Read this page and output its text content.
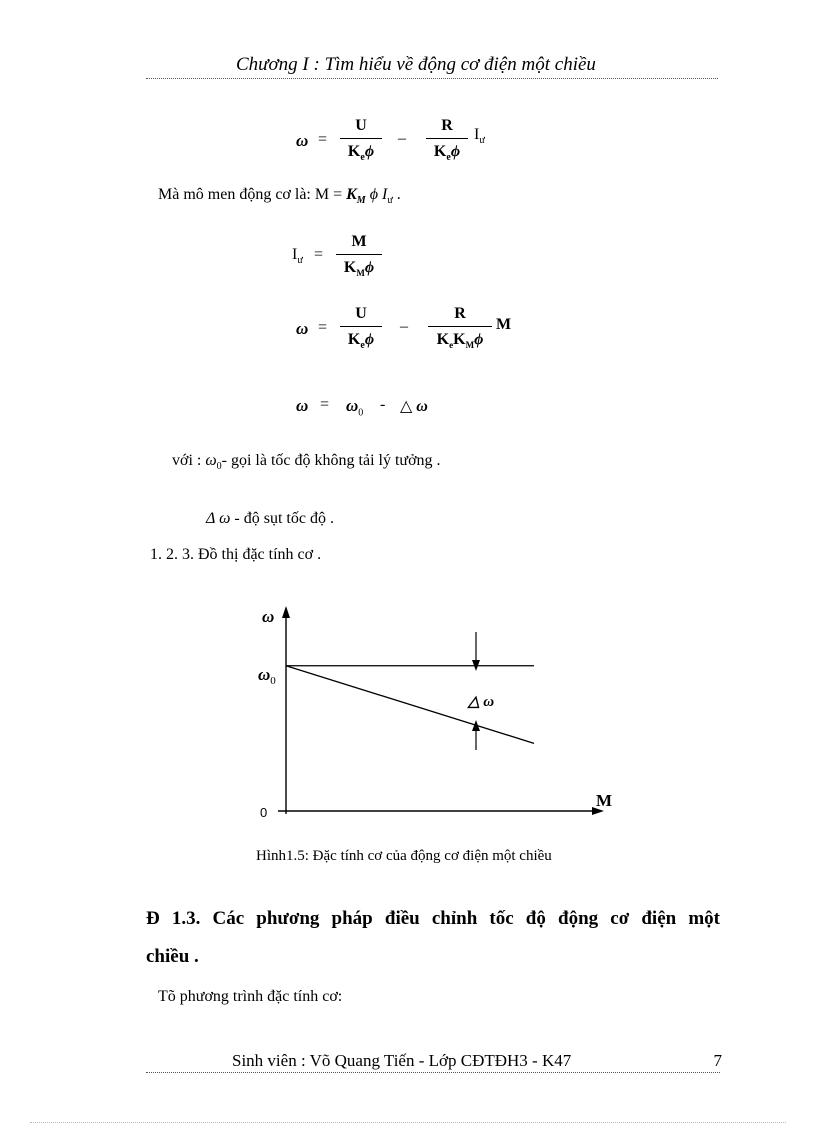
Chương I : Tìm hiểu về động cơ điện một chiều
ω =
U
$K_e\phi$
–
R
$K_e\phi$
$I_ư$
Mà mô men động cơ là: $M = K_M$ ϕ $I_ư$ .
$I_ư$ =
M
$K_M\phi$
ω =
U
$K_e\phi$
–
R
$K_eK_M\phi$
M
$\omega = \omega_0$ - △ ω
với : $\omega_0-$ gọi là tốc độ không tải lý tưởng .
Δ ω - độ sụt tốc độ .
1. 2. 3. Đồ thị đặc tính cơ .
ω
M
0
$\omega_0$
△ ω
Hình1.5: Đặc tính cơ của động cơ điện một chiều
Đ 1.3. Các phương pháp điều chỉnh tốc độ động cơ điện một
chiều .
Tõ phương trình đặc tính cơ:
Sinh viên : Võ Quang Tiến - Lớp CĐTĐH3 - K47	7
